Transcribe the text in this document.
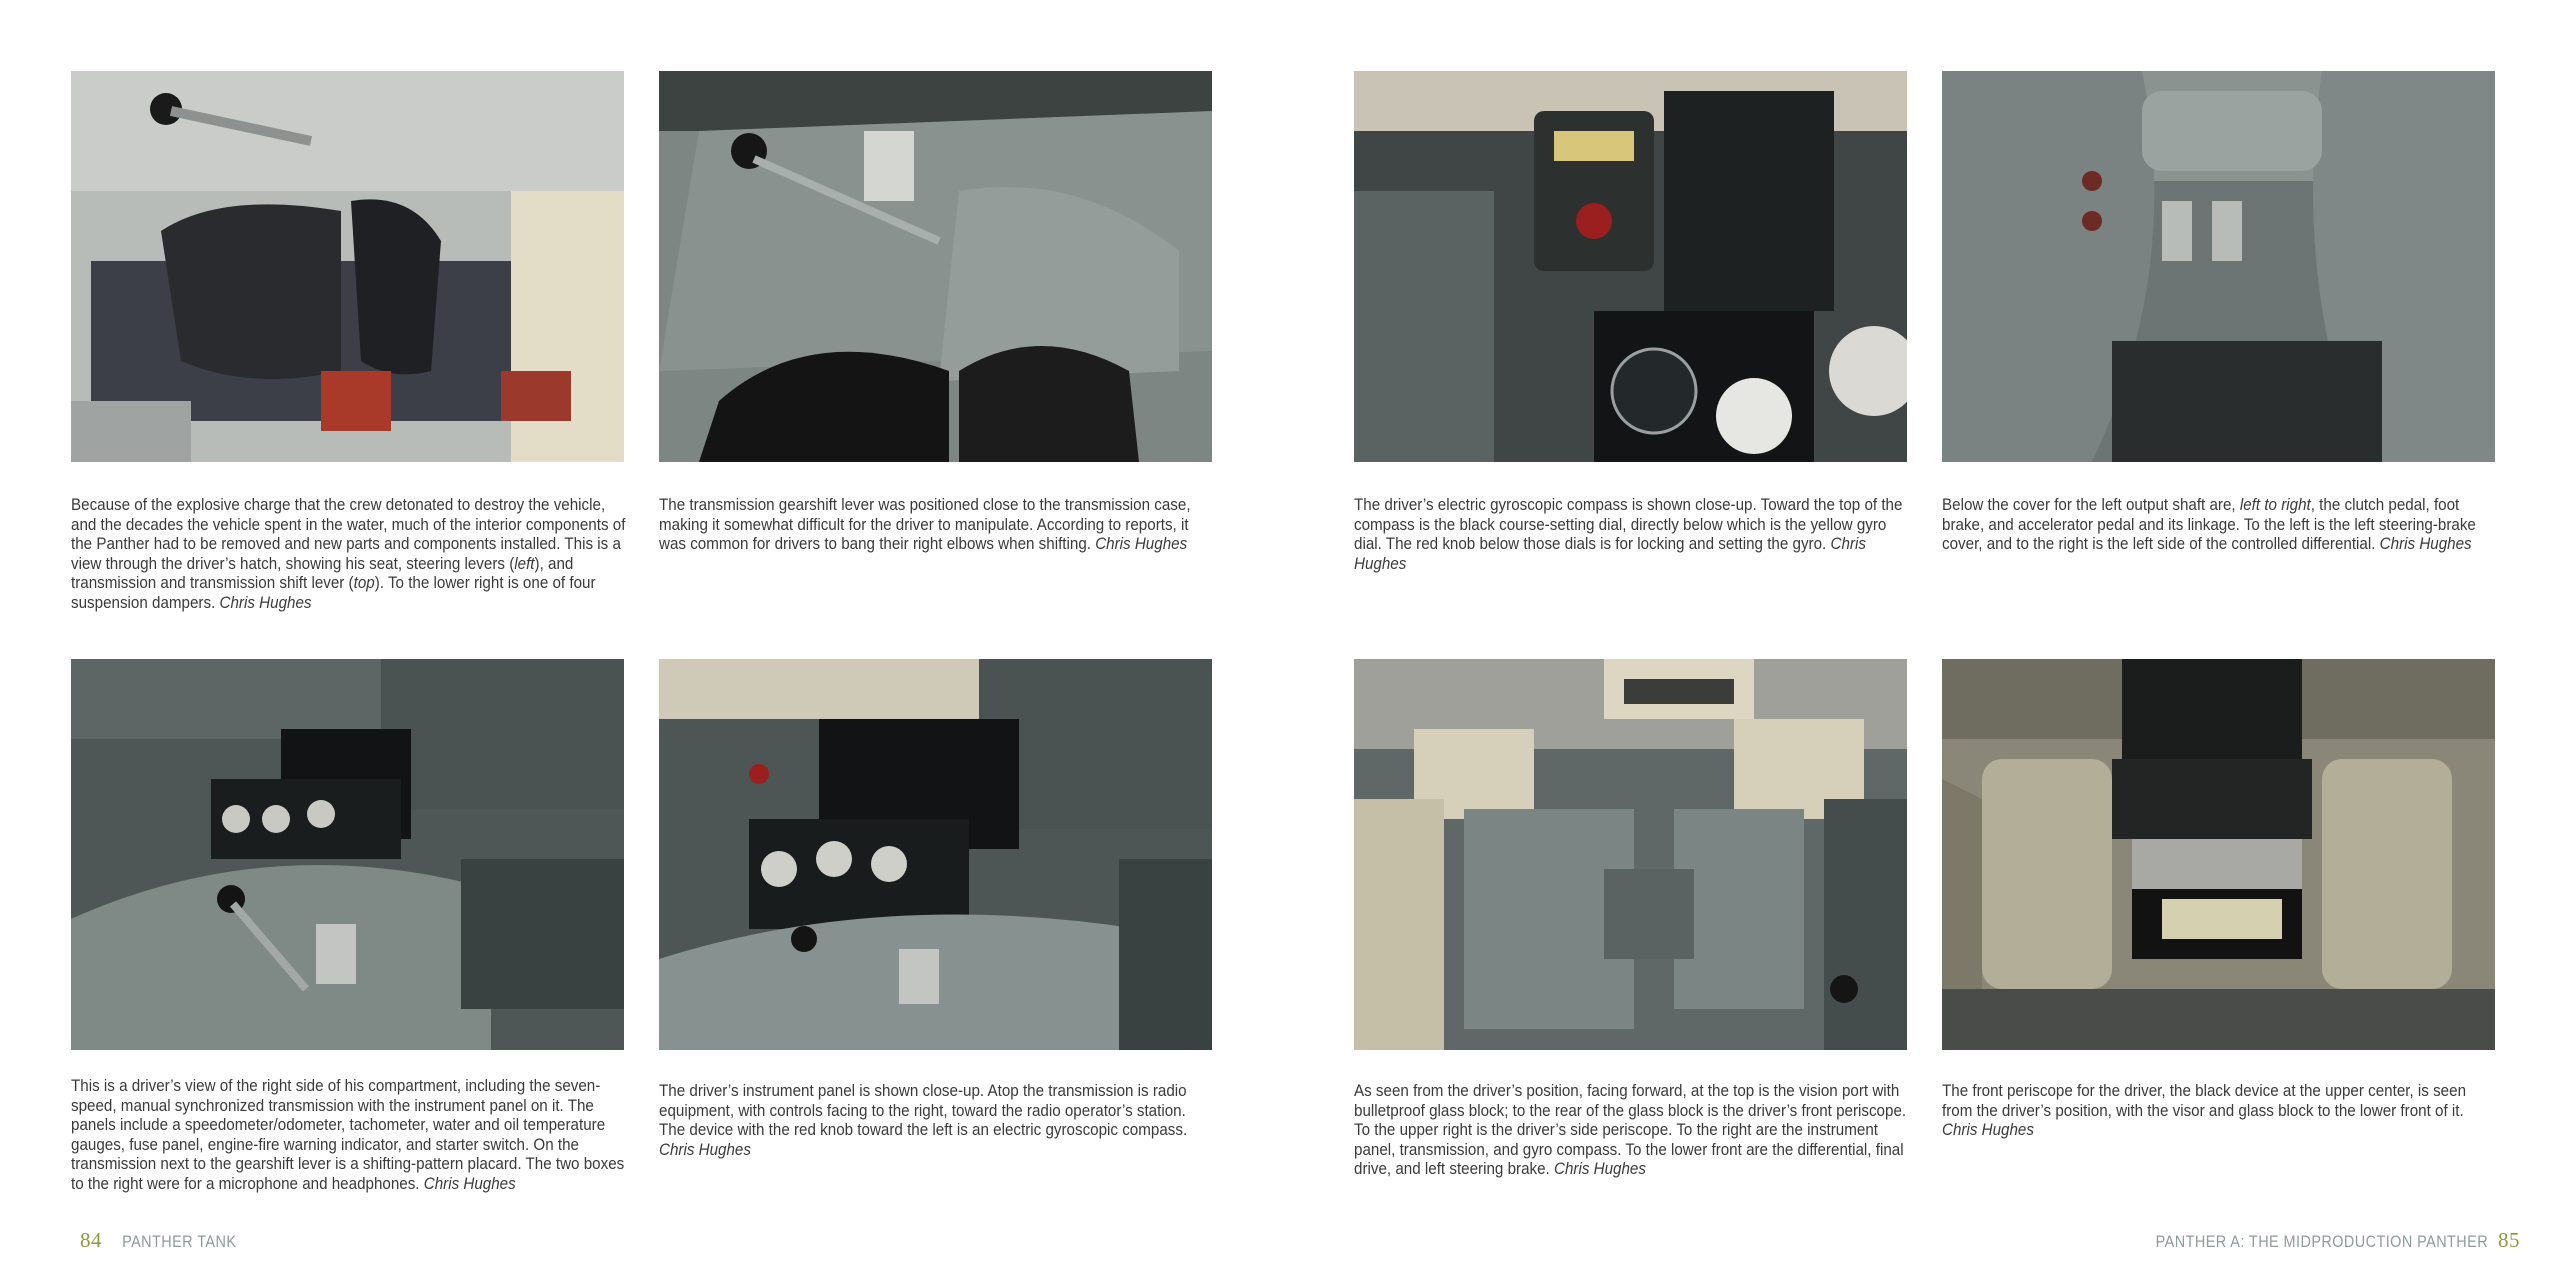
Because of the explosive charge that the crew detonated to destroy the vehicle, and the decades the vehicle spent in the water, much of the interior components of the Panther had to be removed and new parts and components installed. This is a view through the driver’s hatch, showing his seat, steering levers (left), and transmission and transmission shift lever (top). To the lower right is one of four suspension dampers. Chris Hughes
The transmission gearshift lever was positioned close to the transmission case, making it somewhat difficult for the driver to manipulate. According to reports, it was common for drivers to bang their right elbows when shifting. Chris Hughes
The driver’s electric gyroscopic compass is shown close-up. Toward the top of the compass is the black course-setting dial, directly below which is the yellow gyro dial. The red knob below those dials is for locking and setting the gyro. Chris Hughes
Below the cover for the left output shaft are, left to right, the clutch pedal, foot brake, and accelerator pedal and its linkage. To the left is the left steering-brake cover, and to the right is the left side of the controlled differential. Chris Hughes
This is a driver’s view of the right side of his compartment, including the seven-speed, manual synchronized transmission with the instrument panel on it. The panels include a speedometer/odometer, tachometer, water and oil temperature gauges, fuse panel, engine-fire warning indicator, and starter switch. On the transmission next to the gearshift lever is a shifting-pattern placard. The two boxes to the right were for a microphone and headphones. Chris Hughes
The driver’s instrument panel is shown close-up. Atop the transmission is radio equipment, with controls facing to the right, toward the radio operator’s station. The device with the red knob toward the left is an electric gyroscopic compass. Chris Hughes
As seen from the driver’s position, facing forward, at the top is the vision port with bulletproof glass block; to the rear of the glass block is the driver’s front periscope. To the upper right is the driver’s side periscope. To the right are the instrument panel, transmission, and gyro compass. To the lower front are the differential, final drive, and left steering brake. Chris Hughes
The front periscope for the driver, the black device at the upper center, is seen from the driver’s position, with the visor and glass block to the lower front of it. Chris Hughes
84 PANTHER TANK	PANTHER A: THE MIDPRODUCTION PANTHER 85
